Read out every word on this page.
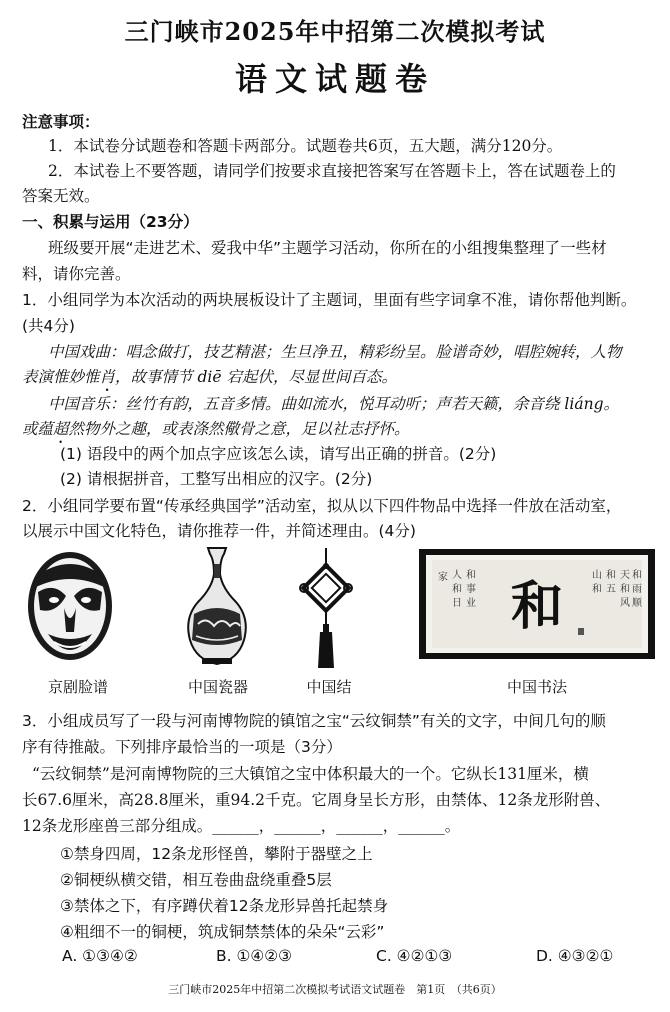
三门峡市2025年中招第二次模拟考试
语文试题卷
注意事项：
1．本试卷分试题卷和答题卡两部分。试题卷共6页，五大题，满分120分。
2．本试卷上不要答题，请同学们按要求直接把答案写在答题卡上，答在试题卷上的
答案无效。
一、积累与运用（23分）
班级要开展“走进艺术、爱我中华”主题学习活动，你所在的小组搜集整理了一些材
料，请你完善。
1．小组同学为本次活动的两块展板设计了主题词，里面有些字词拿不准，请你帮他判断。
(共4分)
中国戏曲：唱念做打，技艺精湛；生旦净丑，精彩纷呈。脸谱奇妙，唱腔婉转，人物
表演惟妙惟肖，故事情节 diē 宕起伏，尽显世间百态。
中国音乐：丝竹有韵，五音多情。曲如流水，悦耳动听；声若天籁，余音绕 liáng。
或蕴超然物外之趣，或表涤然儆骨之意，足以社志抒怀。
(1) 语段中的两个加点字应该怎么读，请写出正确的拼音。(2分)
(2) 请根据拼音，工整写出相应的汉字。(2分)
2．小组同学要布置“传承经典国学”活动室，拟从以下四件物品中选择一件放在活动室，
以展示中国文化特色，请你推荐一件，并简述理由。(4分)
和
人
和
日
和
事
业
家	山
和
和
五
天
和
风
和
雨
顺
京剧脸谱	中国瓷器	中国结	中国书法
3．小组成员写了一段与河南博物院的镇馆之宝“云纹铜禁”有关的文字，中间几句的顺
序有待推敲。下列排序最恰当的一项是（3分）
“云纹铜禁”是河南博物院的三大镇馆之宝中体积最大的一个。它纵长131厘米，横
长67.6厘米，高28.8厘米，重94.2千克。它周身呈长方形，由禁体、12条龙形附兽、
12条龙形座兽三部分组成。______，______，______，______。
①禁身四周，12条龙形怪兽，攀附于器壁之上
②铜梗纵横交错，相互卷曲盘绕重叠5层
③禁体之下，有序蹲伏着12条龙形异兽托起禁身
④粗细不一的铜梗，筑成铜禁禁体的朵朵“云彩”
A. ①③④②	B. ①④②③	C. ④②①③	D. ④③②①
三门峡市2025年中招第二次模拟考试语文试题卷　第1页　（共6页）
